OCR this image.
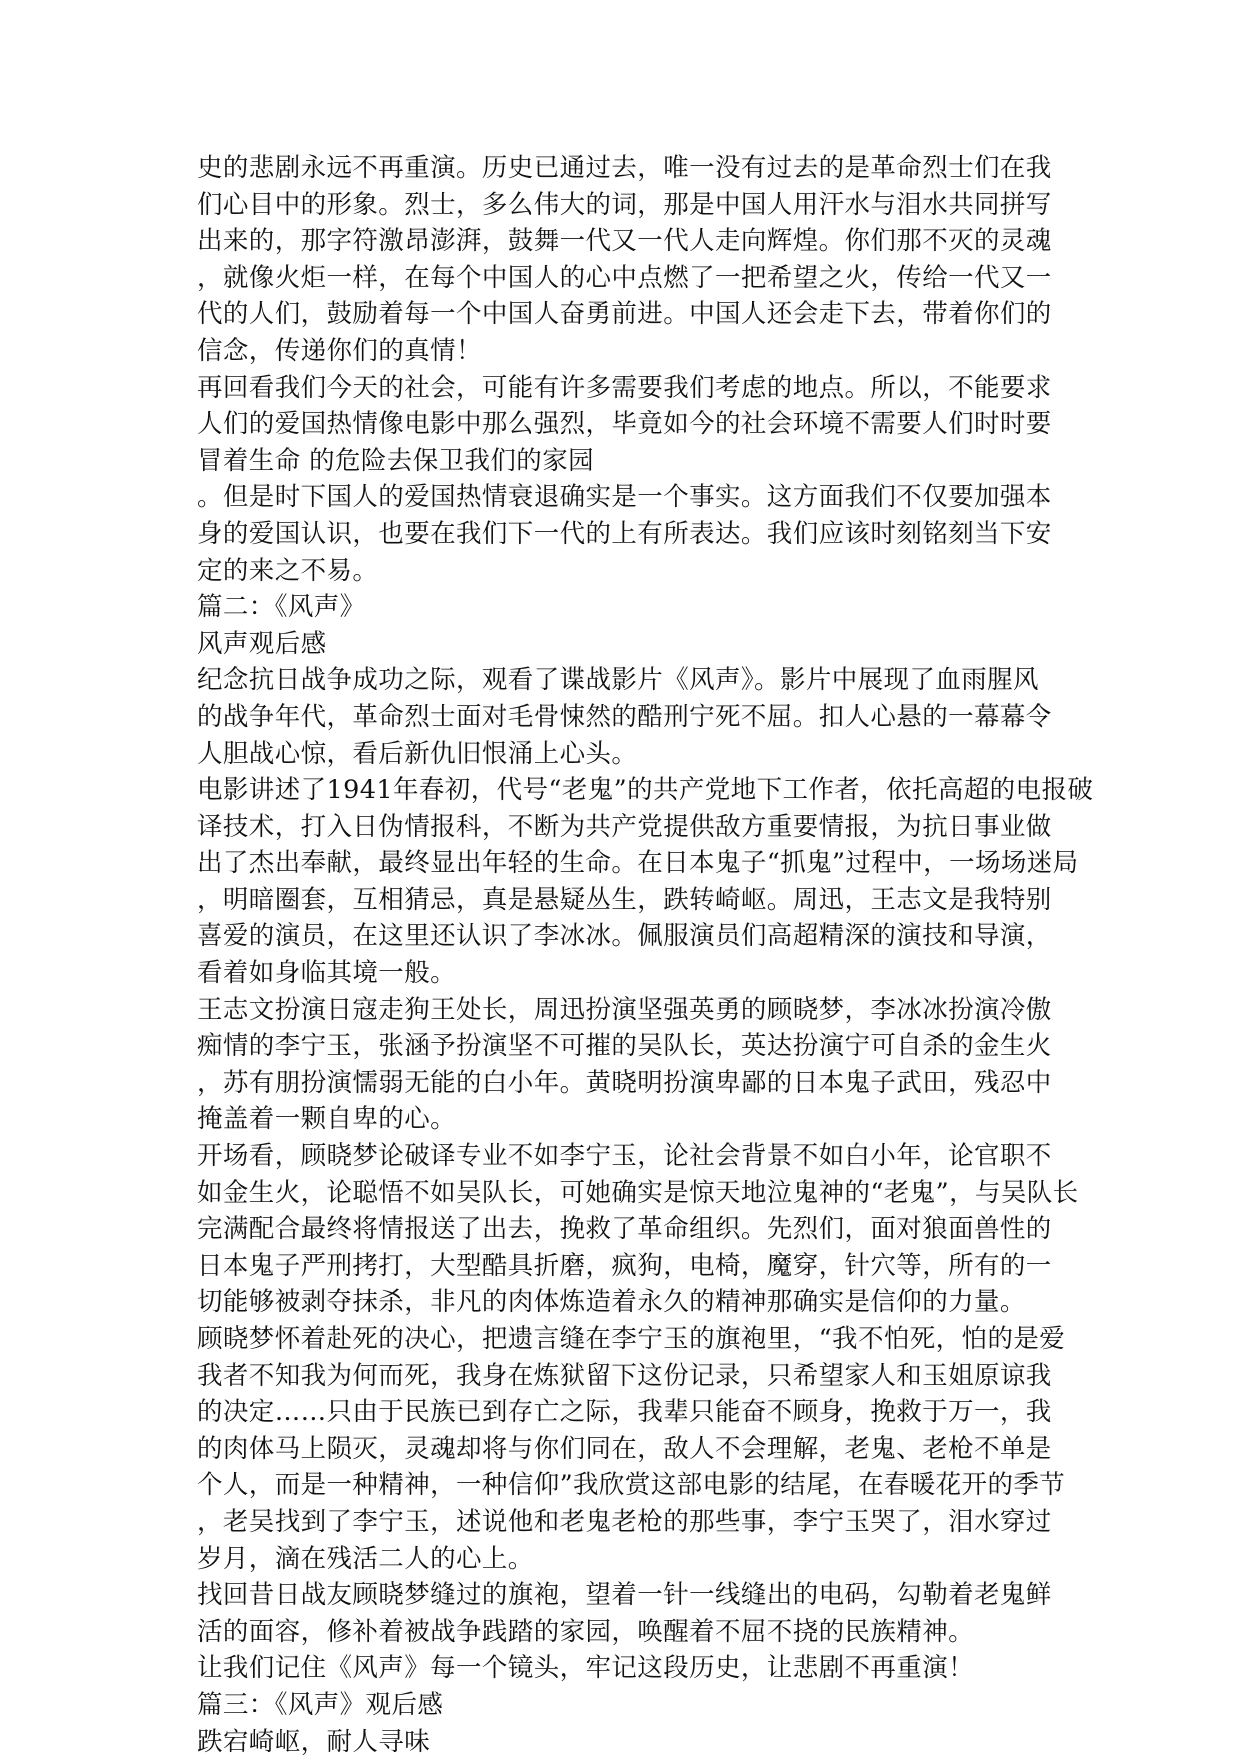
史的悲剧永远不再重演。历史已通过去，唯一没有过去的是革命烈士们在我
们心目中的形象。烈士，多么伟大的词，那是中国人用汗水与泪水共同拼写
出来的，那字符激昂澎湃，鼓舞一代又一代人走向辉煌。你们那不灭的灵魂
，就像火炬一样，在每个中国人的心中点燃了一把希望之火，传给一代又一
代的人们，鼓励着每一个中国人奋勇前进。中国人还会走下去，带着你们的
信念，传递你们的真情！
再回看我们今天的社会，可能有许多需要我们考虑的地点。所以，不能要求
人们的爱国热情像电影中那么强烈，毕竟如今的社会环境不需要人们时时要
冒着生命 的危险去保卫我们的家园
。但是时下国人的爱国热情衰退确实是一个事实。这方面我们不仅要加强本
身的爱国认识，也要在我们下一代的上有所表达。我们应该时刻铭刻当下安
定的来之不易。
篇二：《风声》
风声观后感
纪念抗日战争成功之际，观看了谍战影片《风声》。影片中展现了血雨腥风
的战争年代，革命烈士面对毛骨悚然的酷刑宁死不屈。扣人心悬的一幕幕令
人胆战心惊，看后新仇旧恨涌上心头。
电影讲述了1941年春初，代号“老鬼”的共产党地下工作者，依托高超的电报破
译技术，打入日伪情报科，不断为共产党提供敌方重要情报，为抗日事业做
出了杰出奉献，最终显出年轻的生命。在日本鬼子“抓鬼”过程中，一场场迷局
，明暗圈套，互相猜忌，真是悬疑丛生，跌转崎岖。周迅，王志文是我特别
喜爱的演员，在这里还认识了李冰冰。佩服演员们高超精深的演技和导演，
看着如身临其境一般。
王志文扮演日寇走狗王处长，周迅扮演坚强英勇的顾晓梦，李冰冰扮演冷傲
痴情的李宁玉，张涵予扮演坚不可摧的吴队长，英达扮演宁可自杀的金生火
，苏有朋扮演懦弱无能的白小年。黄晓明扮演卑鄙的日本鬼子武田，残忍中
掩盖着一颗自卑的心。
开场看，顾晓梦论破译专业不如李宁玉，论社会背景不如白小年，论官职不
如金生火，论聪悟不如吴队长，可她确实是惊天地泣鬼神的“老鬼”，与吴队长
完满配合最终将情报送了出去，挽救了革命组织。先烈们，面对狼面兽性的
日本鬼子严刑拷打，大型酷具折磨，疯狗，电椅，魔穿，针穴等，所有的一
切能够被剥夺抹杀，非凡的肉体炼造着永久的精神那确实是信仰的力量。
顾晓梦怀着赴死的决心，把遗言缝在李宁玉的旗袍里，“我不怕死，怕的是爱
我者不知我为何而死，我身在炼狱留下这份记录，只希望家人和玉姐原谅我
的决定……只由于民族已到存亡之际，我辈只能奋不顾身，挽救于万一，我
的肉体马上陨灭，灵魂却将与你们同在，敌人不会理解，老鬼、老枪不单是
个人，而是一种精神，一种信仰”我欣赏这部电影的结尾，在春暖花开的季节
，老吴找到了李宁玉，述说他和老鬼老枪的那些事，李宁玉哭了，泪水穿过
岁月，滴在残活二人的心上。
找回昔日战友顾晓梦缝过的旗袍，望着一针一线缝出的电码，勾勒着老鬼鲜
活的面容，修补着被战争践踏的家园，唤醒着不屈不挠的民族精神。
让我们记住《风声》每一个镜头，牢记这段历史，让悲剧不再重演！
篇三：《风声》观后感
跌宕崎岖，耐人寻味
